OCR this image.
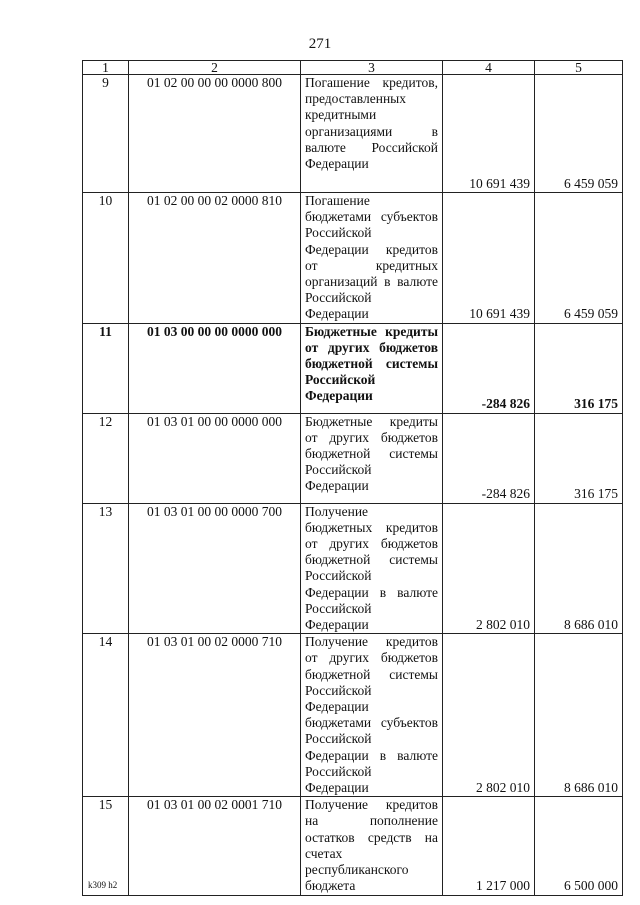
271
1	2	3	4	5
9	01 02 00 00 00 0000 800	Погашение кредитов, предоставленных кредитными организациями в валюте Российской Федерации	10 691 439	6 459 059
10	01 02 00 00 02 0000 810	Погашение бюджетами субъектов Российской Федерации кредитов от кредитных организаций в валюте Российской Федерации	10 691 439	6 459 059
11	01 03 00 00 00 0000 000	Бюджетные кредиты от других бюджетов бюджетной системы Российской Федерации	-284 826	316 175
12	01 03 01 00 00 0000 000	Бюджетные кредиты от других бюджетов бюджетной системы Российской Федерации	-284 826	316 175
13	01 03 01 00 00 0000 700	Получение бюджетных кредитов от других бюджетов бюджетной системы Российской Федерации в валюте Российской Федерации	2 802 010	8 686 010
14	01 03 01 00 02 0000 710	Получение кредитов от других бюджетов бюджетной системы Российской Федерации бюджетами субъектов Российской Федерации в валюте Российской Федерации	2 802 010	8 686 010
15	01 03 01 00 02 0001 710	Получение кредитов на пополнение остатков средств на счетах республиканского бюджета	1 217 000	6 500 000
k309 h2
